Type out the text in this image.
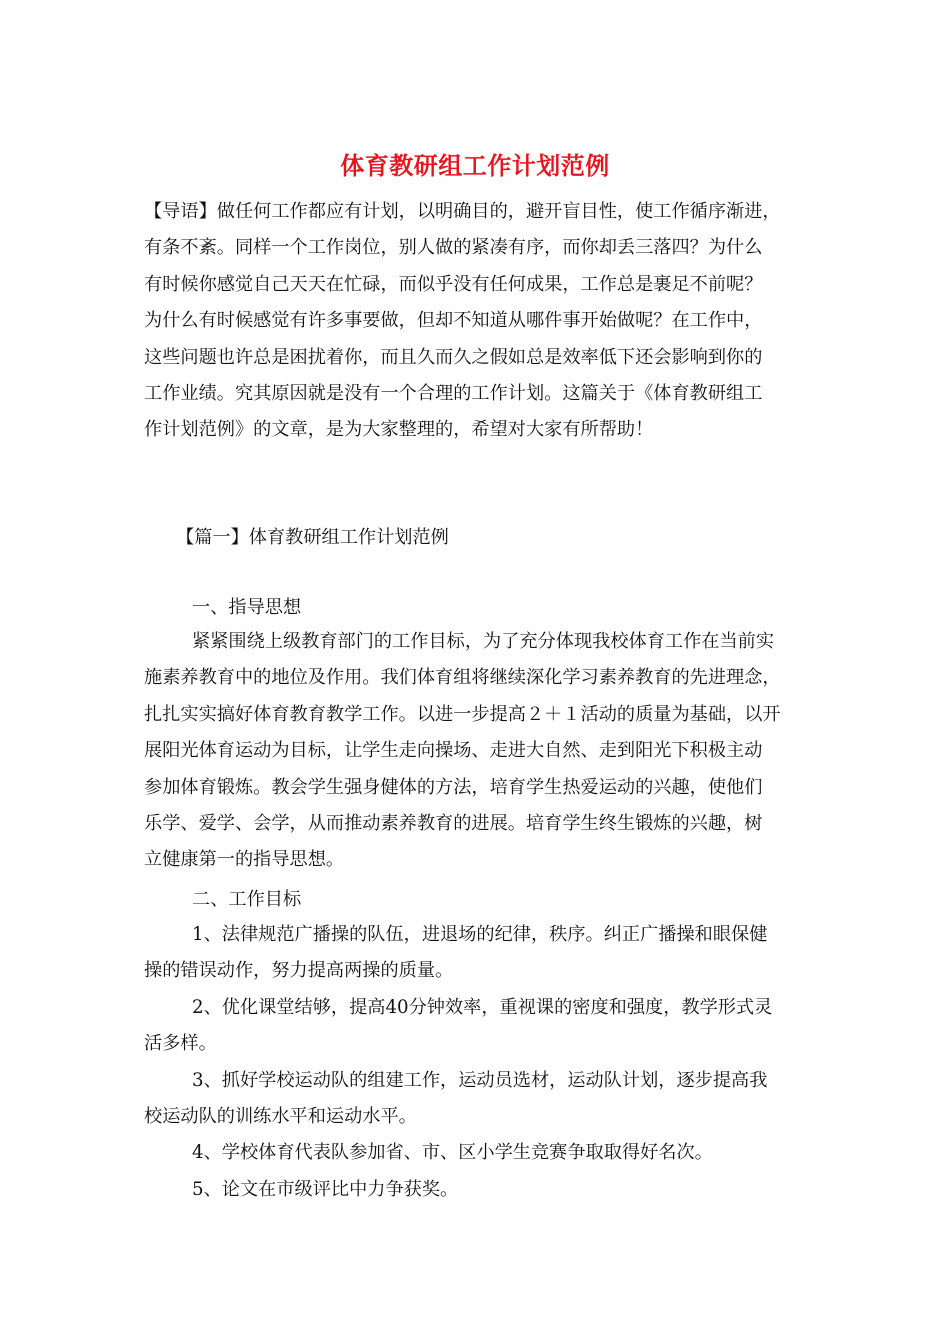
体育教研组工作计划范例
【导语】做任何工作都应有计划，以明确目的，避开盲目性，使工作循序渐进，
有条不紊。同样一个工作岗位，别人做的紧凑有序，而你却丢三落四？为什么
有时候你感觉自己天天在忙碌，而似乎没有任何成果，工作总是裹足不前呢？
为什么有时候感觉有许多事要做，但却不知道从哪件事开始做呢？在工作中，
这些问题也许总是困扰着你，而且久而久之假如总是效率低下还会影响到你的
工作业绩。究其原因就是没有一个合理的工作计划。这篇关于《体育教研组工
作计划范例》的文章，是为大家整理的，希望对大家有所帮助！
【篇一】体育教研组工作计划范例
一、指导思想
紧紧围绕上级教育部门的工作目标，为了充分体现我校体育工作在当前实
施素养教育中的地位及作用。我们体育组将继续深化学习素养教育的先进理念，
扎扎实实搞好体育教育教学工作。以进一步提高２＋１活动的质量为基础，以开
展阳光体育运动为目标，让学生走向操场、走进大自然、走到阳光下积极主动
参加体育锻炼。教会学生强身健体的方法，培育学生热爱运动的兴趣，使他们
乐学、爱学、会学，从而推动素养教育的进展。培育学生终生锻炼的兴趣，树
立健康第一的指导思想。
二、工作目标
1、法律规范广播操的队伍，进退场的纪律，秩序。纠正广播操和眼保健
操的错误动作，努力提高两操的质量。
2、优化课堂结够，提高40分钟效率，重视课的密度和强度，教学形式灵
活多样。
3、抓好学校运动队的组建工作，运动员选材，运动队计划，逐步提高我
校运动队的训练水平和运动水平。
4、学校体育代表队参加省、市、区小学生竞赛争取取得好名次。
5、论文在市级评比中力争获奖。
